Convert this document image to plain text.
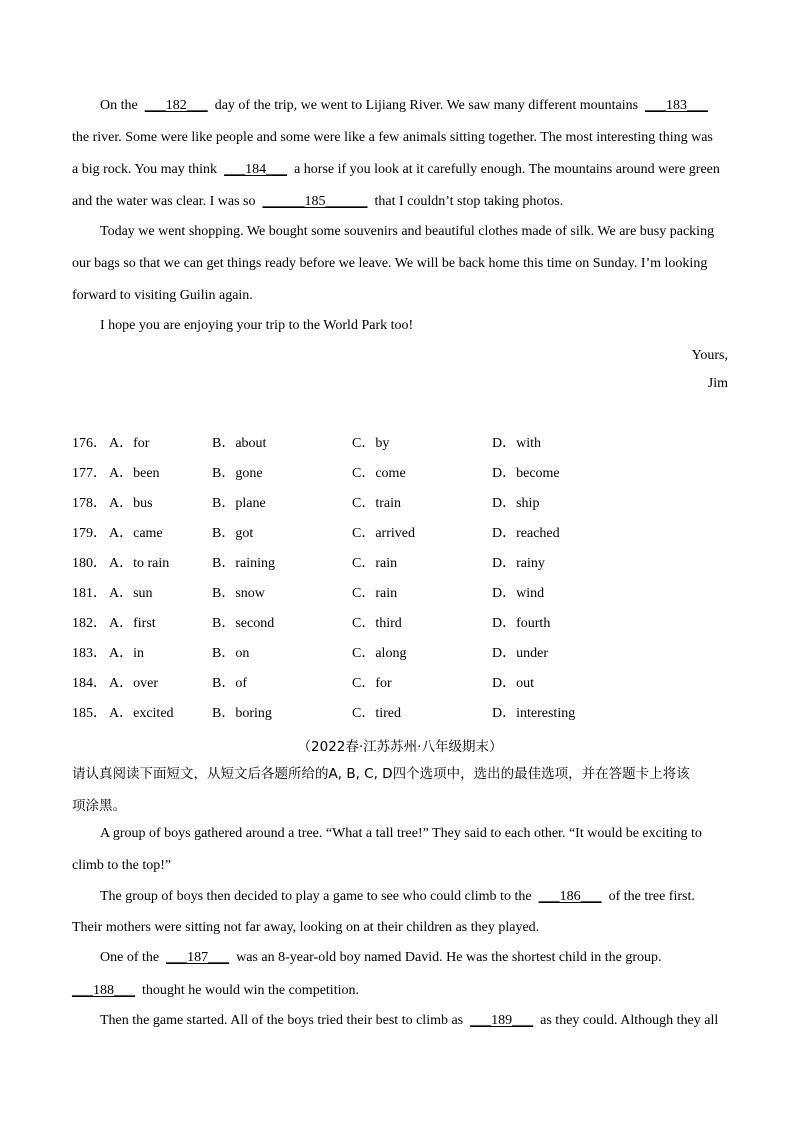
On the ___182___ day of the trip, we went to Lijiang River. We saw many different mountains ___183___
the river. Some were like people and some were like a few animals sitting together. The most interesting thing was
a big rock. You may think ___184___ a horse if you look at it carefully enough. The mountains around were green
and the water was clear. I was so ______185______ that I couldn’t stop taking photos.
Today we went shopping. We bought some souvenirs and beautiful clothes made of silk. We are busy packing
our bags so that we can get things ready before we leave. We will be back home this time on Sunday. I’m looking
forward to visiting Guilin again.
I hope you are enjoying your trip to the World Park too!
Yours,
Jim
176． A．for	B．about	C．by	D．with
177． A．been	B．gone	C．come	D．become
178． A．bus	B．plane	C．train	D．ship
179． A．came	B．got	C．arrived	D．reached
180． A．to rain	B．raining	C．rain	D．rainy
181． A．sun	B．snow	C．rain	D．wind
182． A．first	B．second	C．third	D．fourth
183． A．in	B．on	C．along	D．under
184． A．over	B．of	C．for	D．out
185． A．excited	B．boring	C．tired	D．interesting
（2022春·江苏苏州·八年级期末）
请认真阅读下面短文，从短文后各题所给的A, B, C, D四个选项中，选出的最佳选项，并在答题卡上将该
项涂黑。
A group of boys gathered around a tree. “What a tall tree!” They said to each other. “It would be exciting to
climb to the top!”
The group of boys then decided to play a game to see who could climb to the ___186___ of the tree first.
Their mothers were sitting not far away, looking on at their children as they played.
One of the ___187___ was an 8-year-old boy named David. He was the shortest child in the group.
___188___ thought he would win the competition.
Then the game started. All of the boys tried their best to climb as ___189___ as they could. Although they all
